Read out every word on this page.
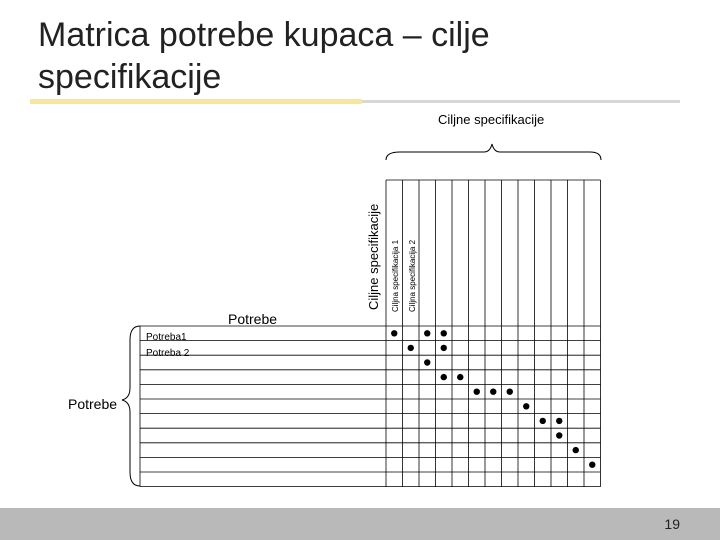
Matrica potrebe kupaca – cilje specifikacije
Ciljne specifikacije
Potrebe
Potrebe
Ciljne specifikacije Ciljna specifikacija 1 Ciljna specifikacija 2
Potreba1
Potreba 2
19
